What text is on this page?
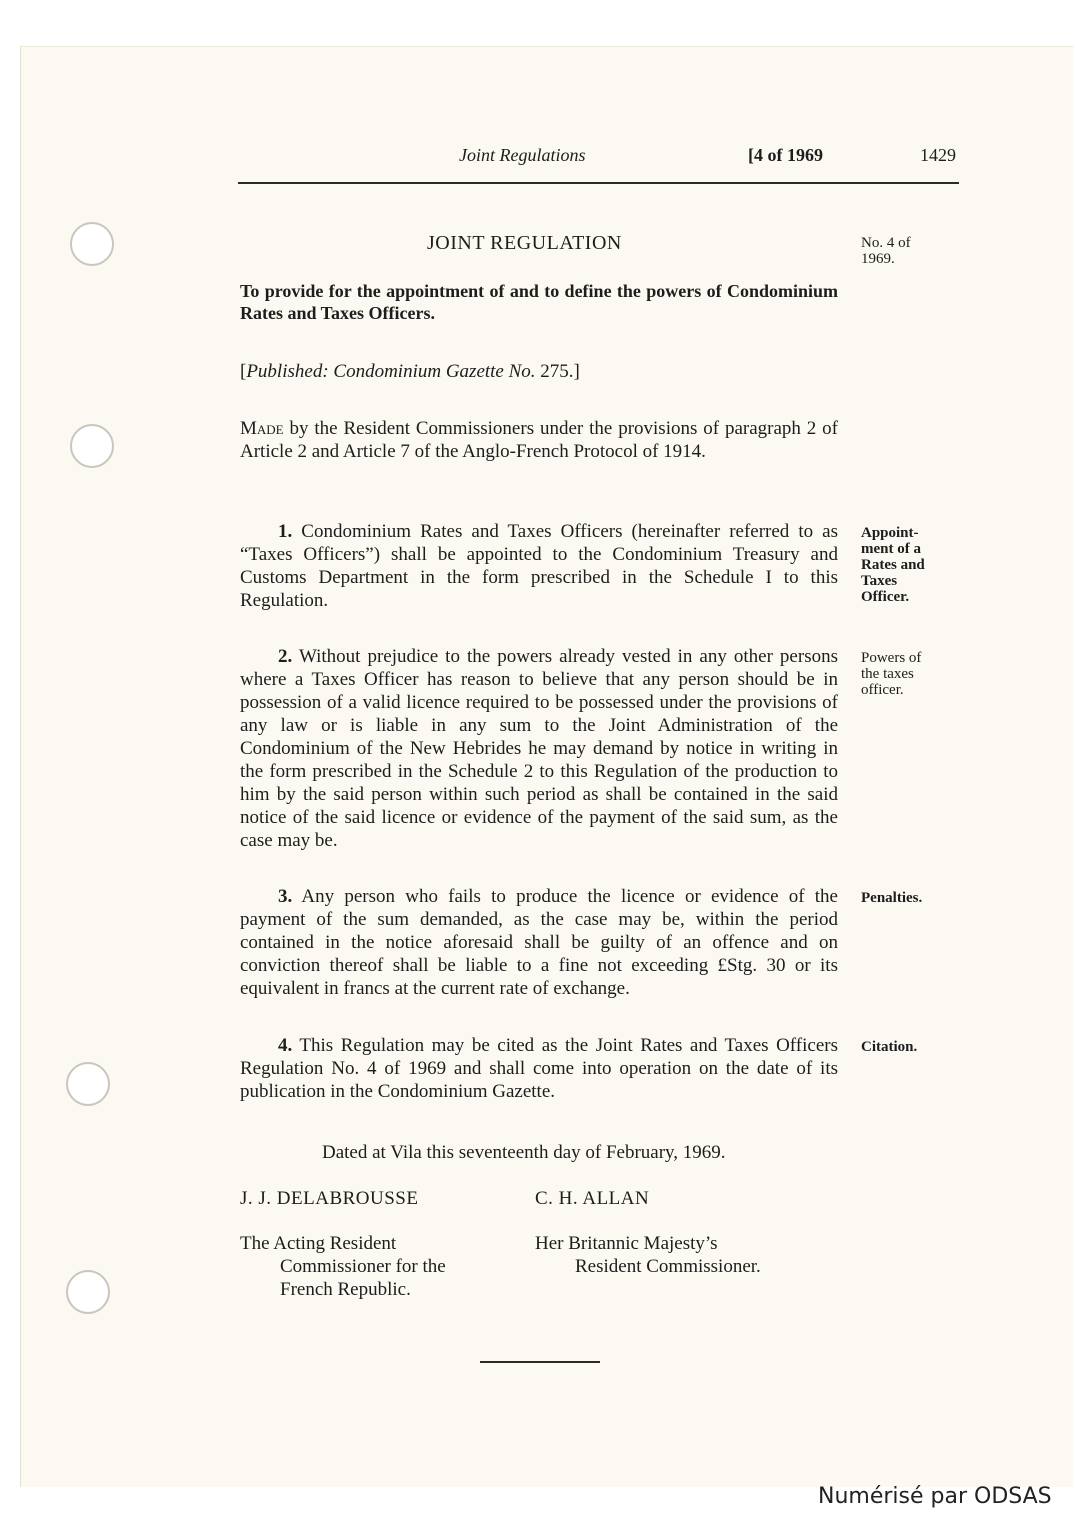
Joint Regulations	[4 of 1969	1429
JOINT REGULATION	No. 4 of
1969.
To provide for the appointment of and to define the powers of Condominium Rates and Taxes Officers.
[Published: Condominium Gazette No. 275.]
Made by the Resident Commissioners under the provisions of paragraph 2 of Article 2 and Article 7 of the Anglo-French Protocol of 1914.
1. Condominium Rates and Taxes Officers (hereinafter referred to as “Taxes Officers”) shall be appointed to the Condominium Treasury and Customs Department in the form prescribed in the Schedule I to this Regulation.
Appoint-
ment of a
Rates and
Taxes
Officer.
2. Without prejudice to the powers already vested in any other persons where a Taxes Officer has reason to believe that any person should be in possession of a valid licence required to be possessed under the provisions of any law or is liable in any sum to the Joint Administration of the Condominium of the New Hebrides he may demand by notice in writing in the form prescribed in the Schedule 2 to this Regulation of the production to him by the said person within such period as shall be contained in the said notice of the said licence or evidence of the payment of the said sum, as the case may be.
Powers of
the taxes
officer.
3. Any person who fails to produce the licence or evidence of the payment of the sum demanded, as the case may be, within the period contained in the notice aforesaid shall be guilty of an offence and on conviction thereof shall be liable to a fine not exceeding £Stg. 30 or its equivalent in francs at the current rate of exchange.
Penalties.
4. This Regulation may be cited as the Joint Rates and Taxes Officers Regulation No. 4 of 1969 and shall come into operation on the date of its publication in the Condominium Gazette.
Citation.
Dated at Vila this seventeenth day of February, 1969.
J. J. DELABROUSSE
The Acting Resident
Commissioner for the
French Republic.
C. H. ALLAN
Her Britannic Majesty’s
Resident Commissioner.
Numérisé par ODSAS
